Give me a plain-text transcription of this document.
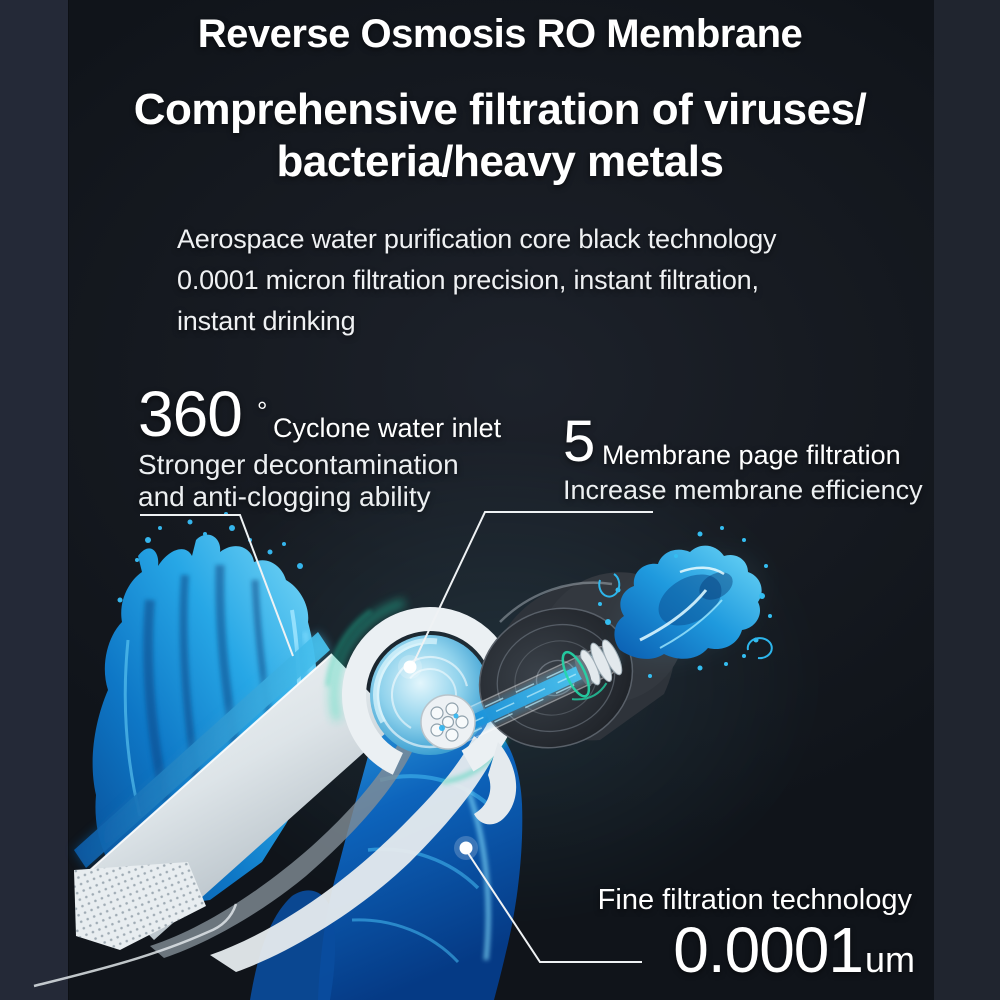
Reverse Osmosis RO Membrane
Comprehensive filtration of viruses/
bacteria/heavy metals
Aerospace water purification core black technology
0.0001 micron filtration precision, instant filtration,
instant drinking
360 °
Cyclone water inlet
Stronger decontamination
and anti-clogging ability
5 Membrane page filtration
Increase membrane efficiency
Fine filtration technology
0.0001um
